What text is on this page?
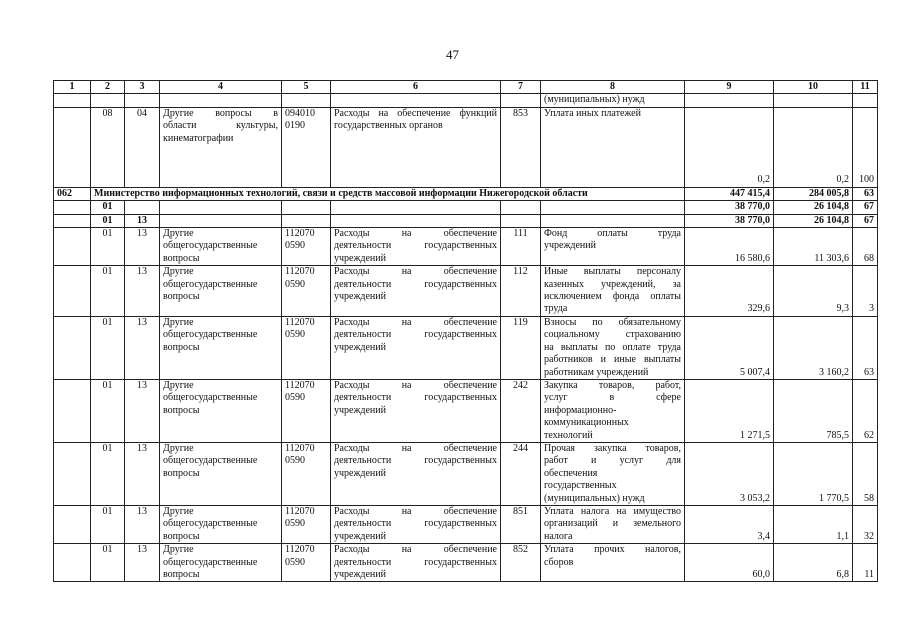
47
1	2	3	4	5	6	7	8	9	10	11
							(муниципальных) нужд			
	08	04	Другие вопросы в
области культуры,
кинематографии	094010
0190	Расходы на обеспечение функций
государственных органов	853	Уплата иных платежей	0,2	0,2	100
062	Министерство информационных технологий, связи и средств массовой информации Нижегородской области							447 415,4	284 005,8	63
	01							38 770,0	26 104,8	67
	01	13						38 770,0	26 104,8	67
	01	13	Другие
общегосударственные
вопросы	112070
0590	Расходы на обеспечение
деятельности государственных
учреждений	111	Фонд оплаты труда
учреждений	16 580,6	11 303,6	68
	01	13	Другие
общегосударственные
вопросы	112070
0590	Расходы на обеспечение
деятельности государственных
учреждений	112	Иные выплаты персоналу
казенных учреждений, за
исключением фонда оплаты
труда	329,6	9,3	3
	01	13	Другие
общегосударственные
вопросы	112070
0590	Расходы на обеспечение
деятельности государственных
учреждений	119	Взносы по обязательному
социальному страхованию
на выплаты по оплате труда
работников и иные выплаты
работникам учреждений	5 007,4	3 160,2	63
	01	13	Другие
общегосударственные
вопросы	112070
0590	Расходы на обеспечение
деятельности государственных
учреждений	242	Закупка товаров, работ,
услуг в сфере
информационно-
коммуникационных
технологий	1 271,5	785,5	62
	01	13	Другие
общегосударственные
вопросы	112070
0590	Расходы на обеспечение
деятельности государственных
учреждений	244	Прочая закупка товаров,
работ и услуг для
обеспечения
государственных
(муниципальных) нужд	3 053,2	1 770,5	58
	01	13	Другие
общегосударственные
вопросы	112070
0590	Расходы на обеспечение
деятельности государственных
учреждений	851	Уплата налога на имущество
организаций и земельного
налога	3,4	1,1	32
	01	13	Другие
общегосударственные
вопросы	112070
0590	Расходы на обеспечение
деятельности государственных
учреждений	852	Уплата прочих налогов,
сборов	60,0	6,8	11
